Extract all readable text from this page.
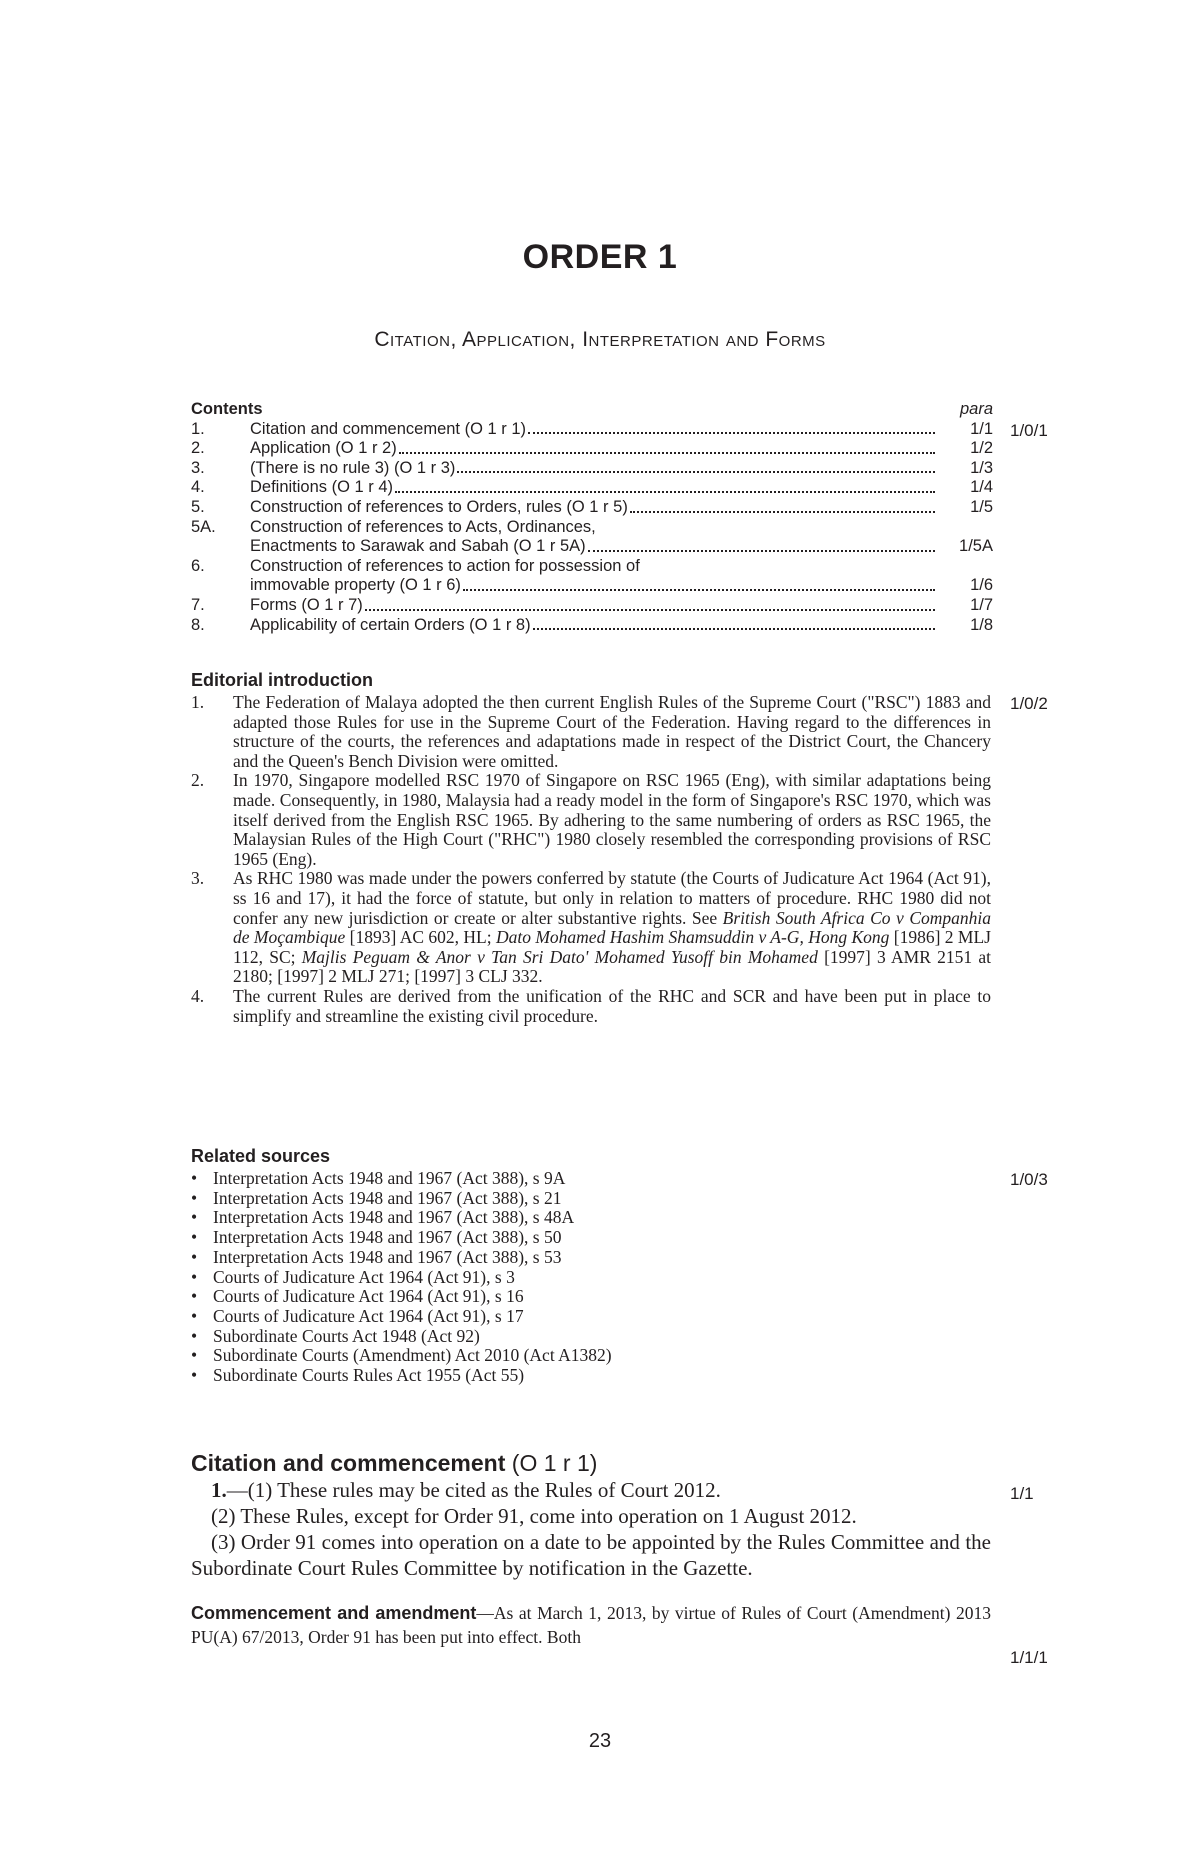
ORDER 1
Citation, Application, Interpretation and Forms
Contents	para
1.	Citation and commencement (O 1 r 1)	1/1
2.	Application (O 1 r 2)	1/2
3.	(There is no rule 3) (O 1 r 3)	1/3
4.	Definitions (O 1 r 4)	1/4
5.	Construction of references to Orders, rules (O 1 r 5)	1/5
5A.	Construction of references to Acts, Ordinances,
Enactments to Sarawak and Sabah (O 1 r 5A)	1/5A
6.	Construction of references to action for possession of
immovable property (O 1 r 6)	1/6
7.	Forms (O 1 r 7)	1/7
8.	Applicability of certain Orders (O 1 r 8)	1/8
1/0/1
Editorial introduction
1.	The Federation of Malaya adopted the then current English Rules of the Supreme Court ("RSC") 1883 and adapted those Rules for use in the Supreme Court of the Federation. Having regard to the differences in structure of the courts, the references and adaptations made in respect of the District Court, the Chancery and the Queen's Bench Division were omitted.
2.	In 1970, Singapore modelled RSC 1970 of Singapore on RSC 1965 (Eng), with similar adaptations being made. Consequently, in 1980, Malaysia had a ready model in the form of Singapore's RSC 1970, which was itself derived from the English RSC 1965. By adhering to the same numbering of orders as RSC 1965, the Malaysian Rules of the High Court ("RHC") 1980 closely resembled the corresponding provisions of RSC 1965 (Eng).
3.	As RHC 1980 was made under the powers conferred by statute (the Courts of Judicature Act 1964 (Act 91), ss 16 and 17), it had the force of statute, but only in relation to matters of procedure. RHC 1980 did not confer any new jurisdiction or create or alter substantive rights. See British South Africa Co v Companhia de Moçambique [1893] AC 602, HL; Dato Mohamed Hashim Shamsuddin v A-G, Hong Kong [1986] 2 MLJ 112, SC; Majlis Peguam & Anor v Tan Sri Dato' Mohamed Yusoff bin Mohamed [1997] 3 AMR 2151 at 2180; [1997] 2 MLJ 271; [1997] 3 CLJ 332.
4.	The current Rules are derived from the unification of the RHC and SCR and have been put in place to simplify and streamline the existing civil procedure.
1/0/2
Related sources
• Interpretation Acts 1948 and 1967 (Act 388), s 9A
• Interpretation Acts 1948 and 1967 (Act 388), s 21
• Interpretation Acts 1948 and 1967 (Act 388), s 48A
• Interpretation Acts 1948 and 1967 (Act 388), s 50
• Interpretation Acts 1948 and 1967 (Act 388), s 53
• Courts of Judicature Act 1964 (Act 91), s 3
• Courts of Judicature Act 1964 (Act 91), s 16
• Courts of Judicature Act 1964 (Act 91), s 17
• Subordinate Courts Act 1948 (Act 92)
• Subordinate Courts (Amendment) Act 2010 (Act A1382)
• Subordinate Courts Rules Act 1955 (Act 55)
1/0/3
Citation and commencement (O 1 r 1)

1.—(1) These rules may be cited as the Rules of Court 2012.

(2) These Rules, except for Order 91, come into operation on 1 August 2012.

(3) Order 91 comes into operation on a date to be appointed by the Rules Committee and the Subordinate Court Rules Committee by notification in the Gazette.

Commencement and amendment—As at March 1, 2013, by virtue of Rules of Court (Amendment) 2013 PU(A) 67/2013, Order 91 has been put into effect. Both
1/1
1/1/1
23
